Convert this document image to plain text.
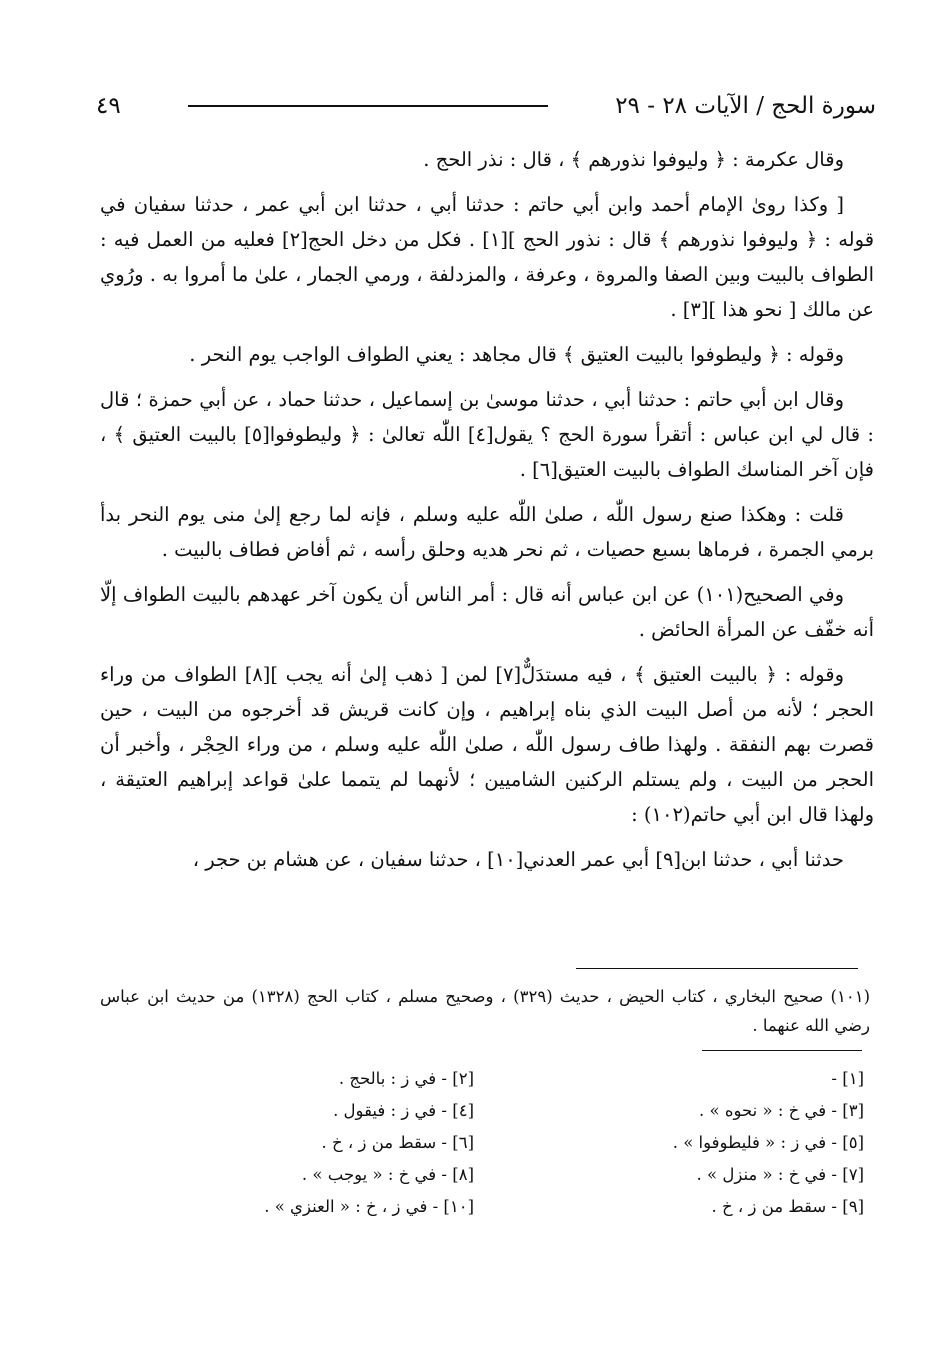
سورة الحج / الآيات ٢٨ - ٢٩
٤٩

وقال عكرمة : ﴿ وليوفوا نذورهم ﴾ ، قال : نذر الحج .

[ وكذا روىٰ الإمام أحمد وابن أبي حاتم : حدثنا أبي ، حدثنا ابن أبي عمر ، حدثنا سفيان في قوله : ﴿ وليوفوا نذورهم ﴾ قال : نذور الحج ][١] . فكل من دخل الحج[٢] فعليه من العمل فيه : الطواف بالبيت وبين الصفا والمروة ، وعرفة ، والمزدلفة ، ورمي الجمار ، علىٰ ما أمروا به . ورُوي عن مالك [ نحو هذا ][٣] .

وقوله : ﴿ وليطوفوا بالبيت العتيق ﴾ قال مجاهد : يعني الطواف الواجب يوم النحر .

وقال ابن أبي حاتم : حدثنا أبي ، حدثنا موسىٰ بن إسماعيل ، حدثنا حماد ، عن أبي حمزة ؛ قال : قال لي ابن عباس : أتقرأ سورة الحج ؟ يقول[٤] اللّٰه تعالىٰ : ﴿ وليطوفوا[٥] بالبيت العتيق ﴾ ، فإن آخر المناسك الطواف بالبيت العتيق[٦] .

قلت : وهكذا صنع رسول اللّٰه ، صلىٰ اللّٰه عليه وسلم ، فإنه لما رجع إلىٰ منى يوم النحر بدأ برمي الجمرة ، فرماها بسبع حصيات ، ثم نحر هديه وحلق رأسه ، ثم أفاض فطاف بالبيت .

وفي الصحيح(١٠١) عن ابن عباس أنه قال : أمر الناس أن يكون آخر عهدهم بالبيت الطواف إلّا أنه خفّف عن المرأة الحائض .

وقوله : ﴿ بالبيت العتيق ﴾ ، فيه مستدَلٌّ[٧] لمن [ ذهب إلىٰ أنه يجب ][٨] الطواف من وراء الحجر ؛ لأنه من أصل البيت الذي بناه إبراهيم ، وإن كانت قريش قد أخرجوه من البيت ، حين قصرت بهم النفقة . ولهذا طاف رسول اللّٰه ، صلىٰ اللّٰه عليه وسلم ، من وراء الحِجْر ، وأخبر أن الحجر من البيت ، ولم يستلم الركنين الشاميين ؛ لأنهما لم يتمما علىٰ قواعد إبراهيم العتيقة ، ولهذا قال ابن أبي حاتم(١٠٢) :

حدثنا أبي ، حدثنا ابن[٩] أبي عمر العدني[١٠] ، حدثنا سفيان ، عن هشام بن حجر ،

(١٠١) صحيح البخاري ، كتاب الحيض ، حديث (٣٢٩) ، وصحيح مسلم ، كتاب الحج (١٣٢٨) من حديث ابن عباس رضي الله عنهما .
[١] -
[٢] - في ز : بالحج .
[٣] - في خ : « نحوه » .
[٤] - في ز : فيقول .
[٥] - في ز : « فليطوفوا » .
[٦] - سقط من ز ، خ .
[٧] - في خ : « منزل » .
[٨] - في خ : « يوجب » .
[٩] - سقط من ز ، خ .
[١٠] - في ز ، خ : « العنزي » .
